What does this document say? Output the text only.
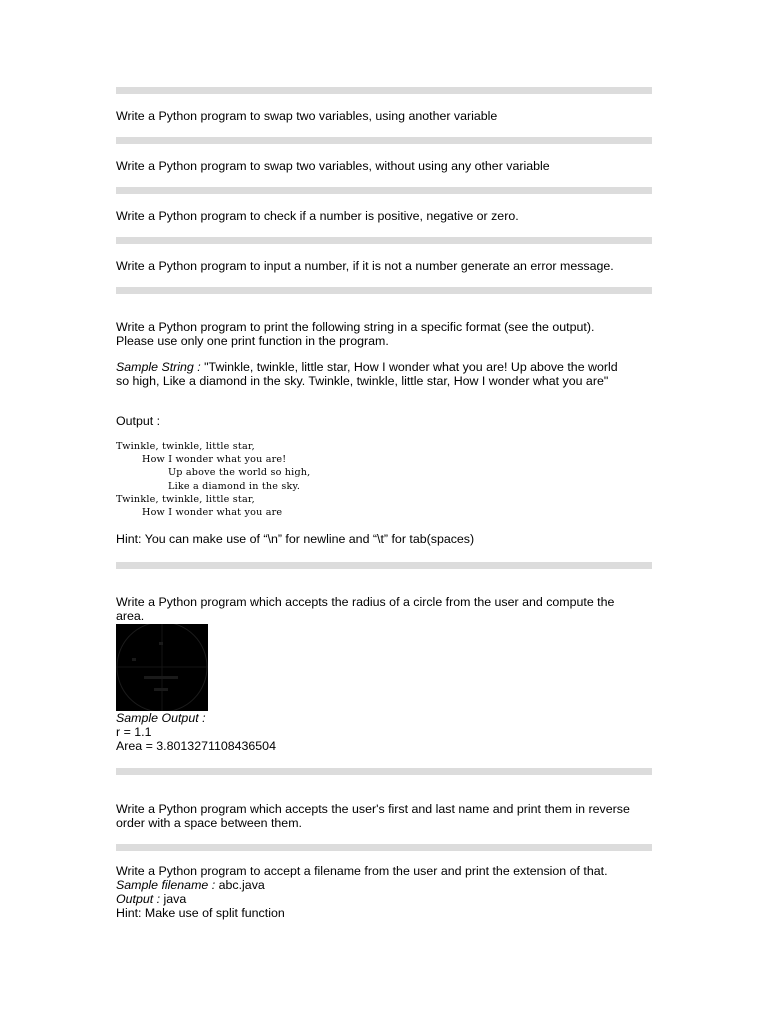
Write a Python program to swap two variables, using another variable

Write a Python program to swap two variables, without using any other variable

Write a Python program to check if a number is positive, negative or zero.

Write a Python program to input a number, if it is not a number generate an error message.

Write a Python program to print the following string in a specific format (see the output).

Please use only one print function in the program.

Sample String : "Twinkle, twinkle, little star, How I wonder what you are! Up above the world

so high, Like a diamond in the sky. Twinkle, twinkle, little star, How I wonder what you are"

Output :

Twinkle, twinkle, little star,
	How I wonder what you are!
		Up above the world so high,
		Like a diamond in the sky.
Twinkle, twinkle, little star,
	How I wonder what you are

Hint: You can make use of “\n” for newline and “\t” for tab(spaces)

Write a Python program which accepts the radius of a circle from the user and compute the

area.

Sample Output :

r = 1.1

Area = 3.8013271108436504

Write a Python program which accepts the user's first and last name and print them in reverse

order with a space between them.

Write a Python program to accept a filename from the user and print the extension of that.

Sample filename : abc.java

Output : java

Hint: Make use of split function
